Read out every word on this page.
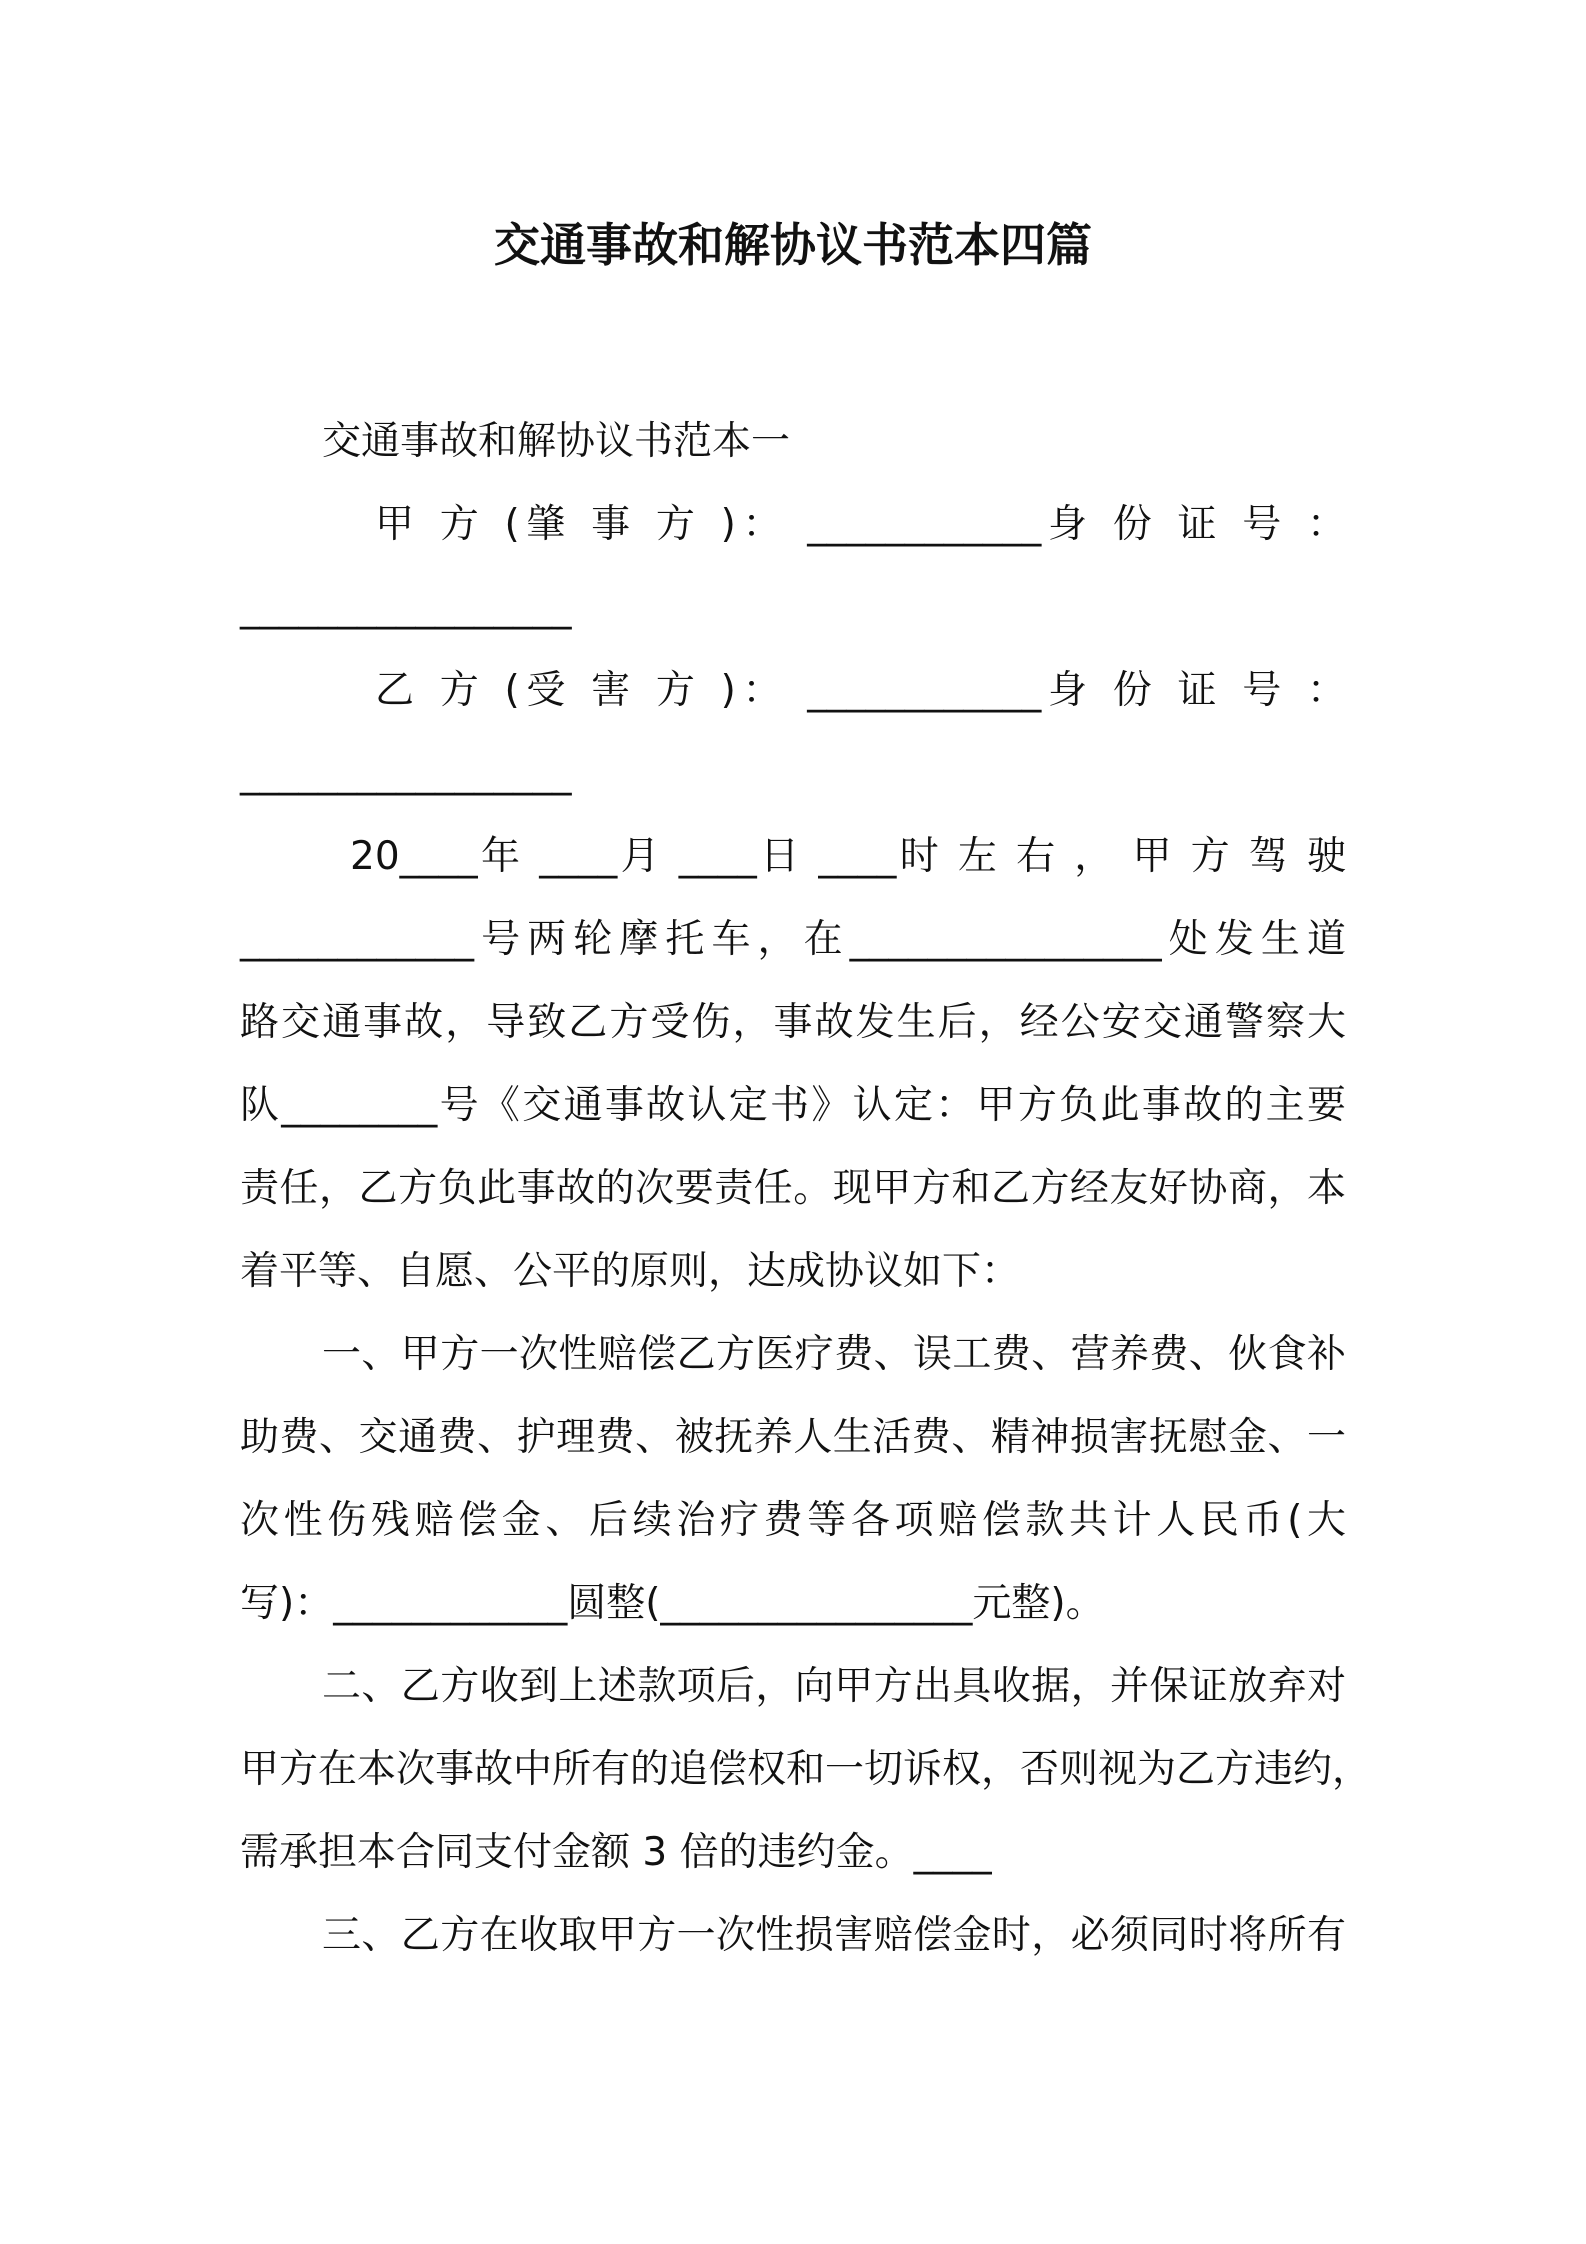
交通事故和解协议书范本四篇
交通事故和解协议书范本一
甲 方 (肇 事 方 )： ____________身 份 证 号 ：
_________________
乙 方 (受 害 方 )： ____________身 份 证 号 ：
_________________
20____年 ____月 ____日 ____时 左 右 ， 甲 方 驾 驶
____________号两轮摩托车，在________________处发生道
路交通事故，导致乙方受伤，事故发生后，经公安交通警察大
队________号《交通事故认定书》认定：甲方负此事故的主要
责任，乙方负此事故的次要责任。现甲方和乙方经友好协商，本
着平等、自愿、公平的原则，达成协议如下：
一、甲方一次性赔偿乙方医疗费、误工费、营养费、伙食补
助费、交通费、护理费、被抚养人生活费、精神损害抚慰金、一
次性伤残赔偿金、后续治疗费等各项赔偿款共计人民币(大
写)：____________圆整(________________元整)。
二、乙方收到上述款项后，向甲方出具收据，并保证放弃对
甲方在本次事故中所有的追偿权和一切诉权，否则视为乙方违约，
需承担本合同支付金额 3 倍的违约金。____
三、乙方在收取甲方一次性损害赔偿金时，必须同时将所有
